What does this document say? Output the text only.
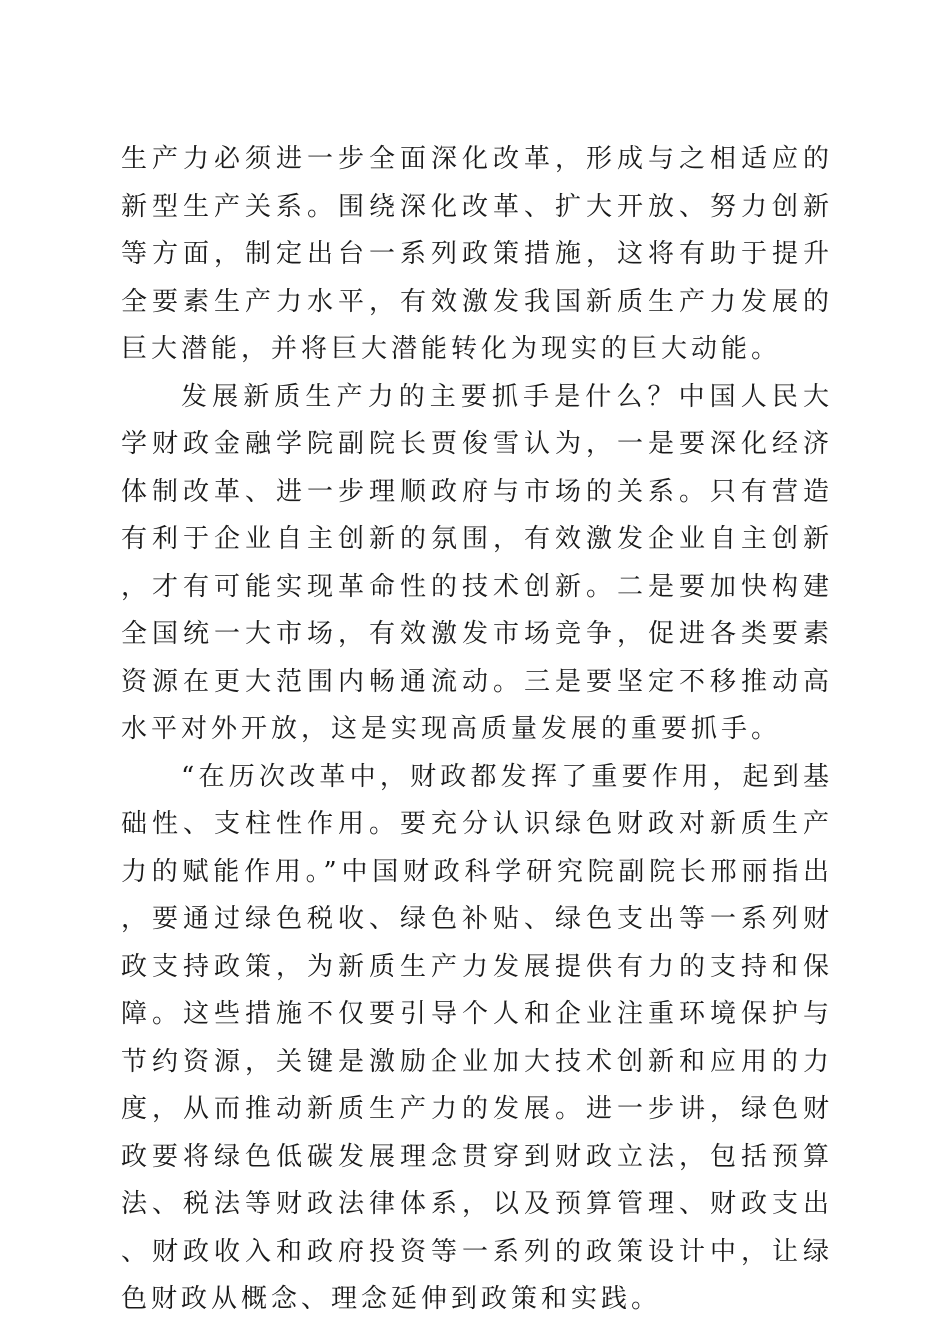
生产力必须进一步全面深化改革，形成与之相适应的新型生产关系。围绕深化改革、扩大开放、努力创新等方面，制定出台一系列政策措施，这将有助于提升全要素生产力水平，有效激发我国新质生产力发展的巨大潜能，并将巨大潜能转化为现实的巨大动能。

发展新质生产力的主要抓手是什么？中国人民大学财政金融学院副院长贾俊雪认为，一是要深化经济体制改革、进一步理顺政府与市场的关系。只有营造有利于企业自主创新的氛围，有效激发企业自主创新，才有可能实现革命性的技术创新。二是要加快构建全国统一大市场，有效激发市场竞争，促进各类要素资源在更大范围内畅通流动。三是要坚定不移推动高水平对外开放，这是实现高质量发展的重要抓手。

“在历次改革中，财政都发挥了重要作用，起到基础性、支柱性作用。要充分认识绿色财政对新质生产力的赋能作用。”中国财政科学研究院副院长邢丽指出，要通过绿色税收、绿色补贴、绿色支出等一系列财政支持政策，为新质生产力发展提供有力的支持和保障。这些措施不仅要引导个人和企业注重环境保护与节约资源，关键是激励企业加大技术创新和应用的力度，从而推动新质生产力的发展。进一步讲，绿色财政要将绿色低碳发展理念贯穿到财政立法，包括预算法、税法等财政法律体系，以及预算管理、财政支出、财政收入和政府投资等一系列的政策设计中，让绿色财政从概念、理念延伸到政策和实践。
